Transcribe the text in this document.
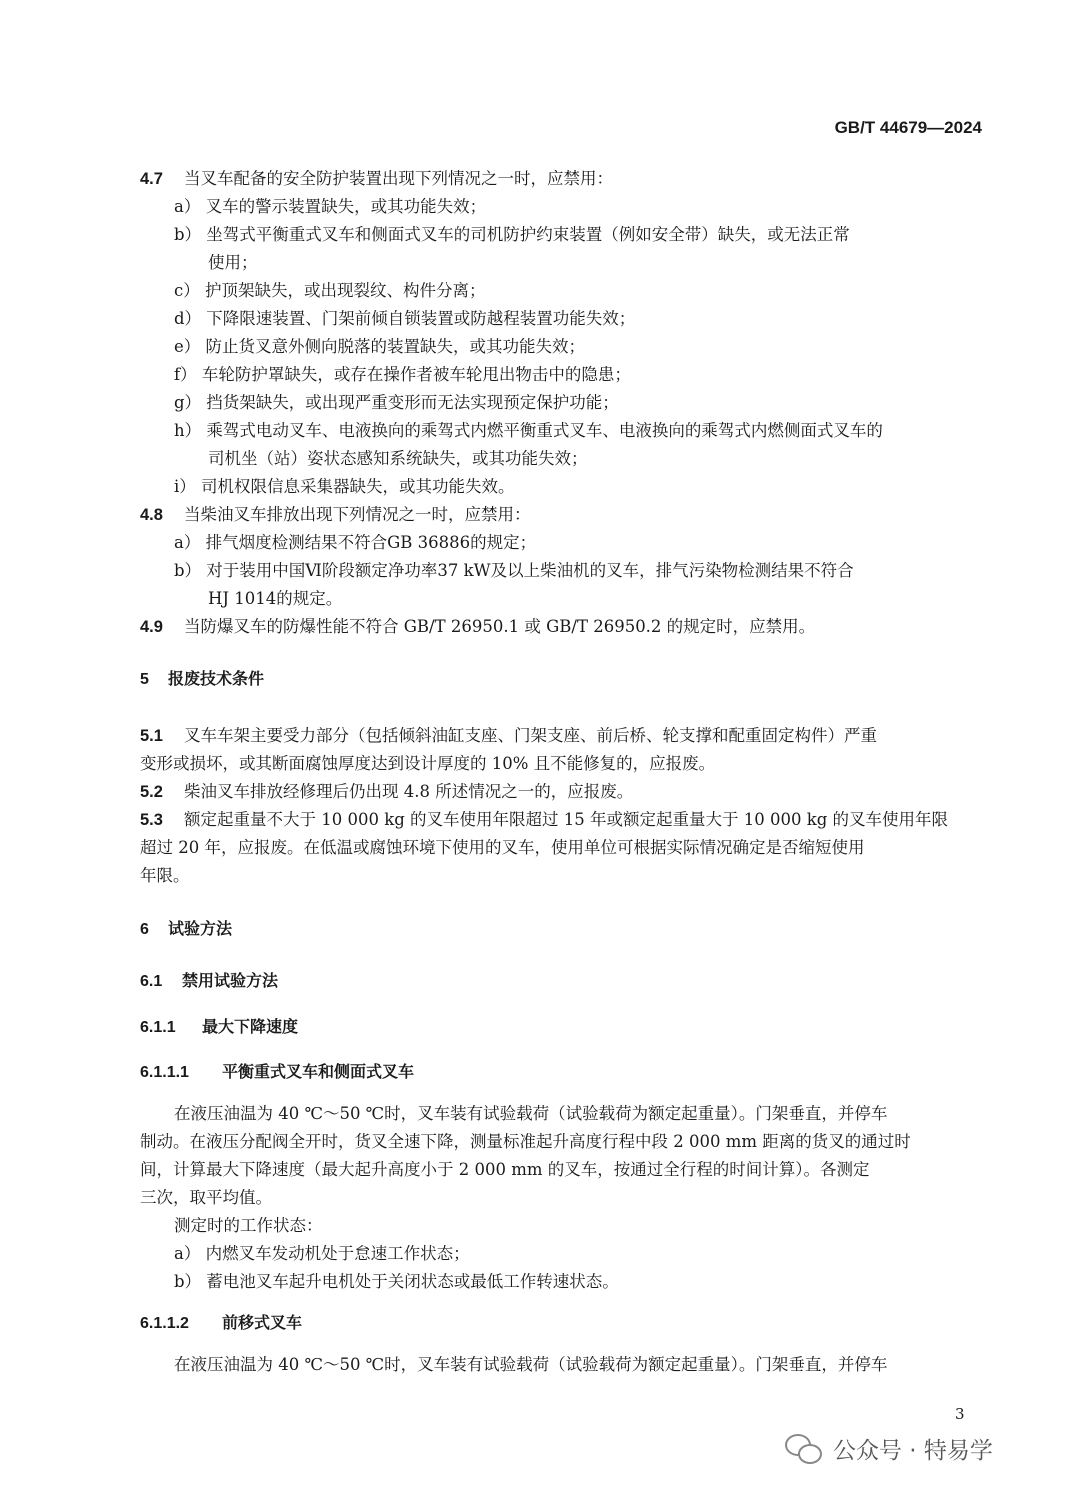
GB/T 44679—2024
4.7 当叉车配备的安全防护装置出现下列情况之一时，应禁用：
a） 叉车的警示装置缺失，或其功能失效；
b） 坐驾式平衡重式叉车和侧面式叉车的司机防护约束装置（例如安全带）缺失，或无法正常
使用；
c） 护顶架缺失，或出现裂纹、构件分离；
d） 下降限速装置、门架前倾自锁装置或防越程装置功能失效；
e） 防止货叉意外侧向脱落的装置缺失，或其功能失效；
f） 车轮防护罩缺失，或存在操作者被车轮甩出物击中的隐患；
g） 挡货架缺失，或出现严重变形而无法实现预定保护功能；
h） 乘驾式电动叉车、电液换向的乘驾式内燃平衡重式叉车、电液换向的乘驾式内燃侧面式叉车的
司机坐（站）姿状态感知系统缺失，或其功能失效；
i） 司机权限信息采集器缺失，或其功能失效。
4.8 当柴油叉车排放出现下列情况之一时，应禁用：
a） 排气烟度检测结果不符合GB 36886的规定；
b） 对于装用中国Ⅵ阶段额定净功率37 kW及以上柴油机的叉车，排气污染物检测结果不符合
HJ 1014的规定。
4.9 当防爆叉车的防爆性能不符合 GB/T 26950.1 或 GB/T 26950.2 的规定时，应禁用。
5 报废技术条件
5.1 叉车车架主要受力部分（包括倾斜油缸支座、门架支座、前后桥、轮支撑和配重固定构件）严重
变形或损坏，或其断面腐蚀厚度达到设计厚度的 10% 且不能修复的，应报废。
5.2 柴油叉车排放经修理后仍出现 4.8 所述情况之一的，应报废。
5.3 额定起重量不大于 10 000 kg 的叉车使用年限超过 15 年或额定起重量大于 10 000 kg 的叉车使用年限
超过 20 年，应报废。在低温或腐蚀环境下使用的叉车，使用单位可根据实际情况确定是否缩短使用
年限。
6 试验方法
6.1 禁用试验方法
6.1.1 最大下降速度
6.1.1.1 平衡重式叉车和侧面式叉车
在液压油温为 40 ℃～50 ℃时，叉车装有试验载荷（试验载荷为额定起重量）。门架垂直，并停车
制动。在液压分配阀全开时，货叉全速下降，测量标准起升高度行程中段 2 000 mm 距离的货叉的通过时
间，计算最大下降速度（最大起升高度小于 2 000 mm 的叉车，按通过全行程的时间计算）。各测定
三次，取平均值。
测定时的工作状态：
a） 内燃叉车发动机处于怠速工作状态；
b） 蓄电池叉车起升电机处于关闭状态或最低工作转速状态。
6.1.1.2 前移式叉车
在液压油温为 40 ℃～50 ℃时，叉车装有试验载荷（试验载荷为额定起重量）。门架垂直，并停车
3
公众号 · 特易学
